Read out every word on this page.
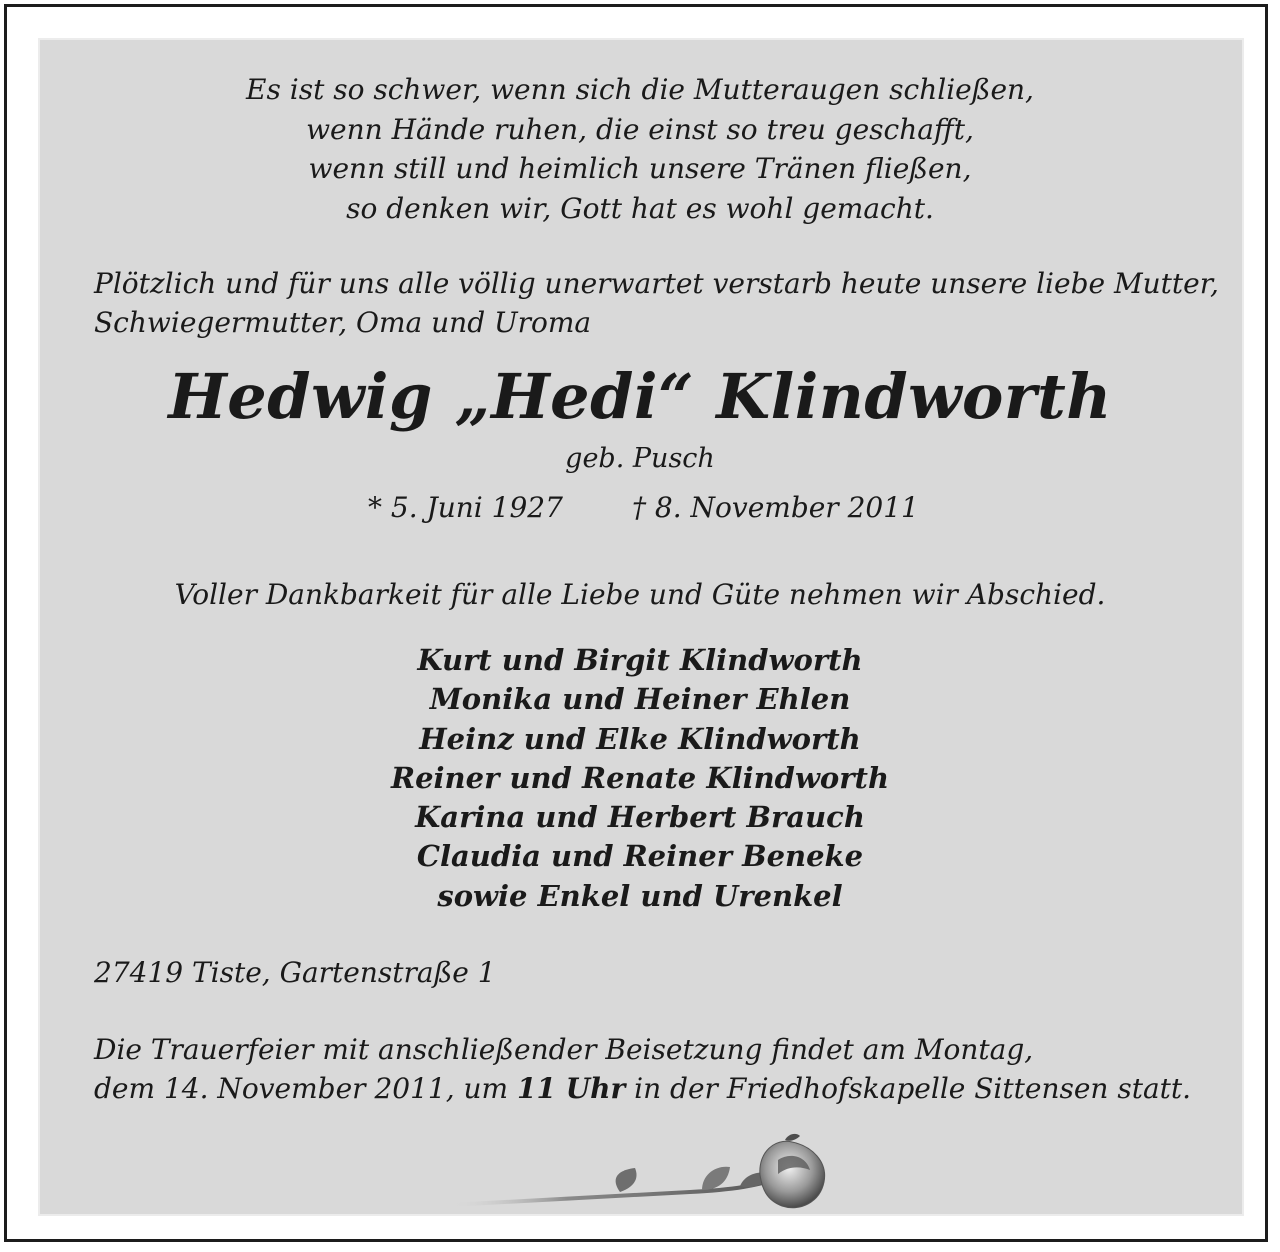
Es ist so schwer, wenn sich die Mutteraugen schließen,
wenn Hände ruhen, die einst so treu geschafft,
wenn still und heimlich unsere Tränen fließen,
so denken wir, Gott hat es wohl gemacht.
Plötzlich und für uns alle völlig unerwartet verstarb heute unsere liebe Mutter,
Schwiegermutter, Oma und Uroma
Hedwig „Hedi“ Klindworth
geb. Pusch
* 5. Juni 1927 † 8. November 2011
Voller Dankbarkeit für alle Liebe und Güte nehmen wir Abschied.
Kurt und Birgit Klindworth
Monika und Heiner Ehlen
Heinz und Elke Klindworth
Reiner und Renate Klindworth
Karina und Herbert Brauch
Claudia und Reiner Beneke
sowie Enkel und Urenkel
27419 Tiste, Gartenstraße 1
Die Trauerfeier mit anschließender Beisetzung findet am Montag,
dem 14. November 2011, um 11 Uhr in der Friedhofskapelle Sittensen statt.
